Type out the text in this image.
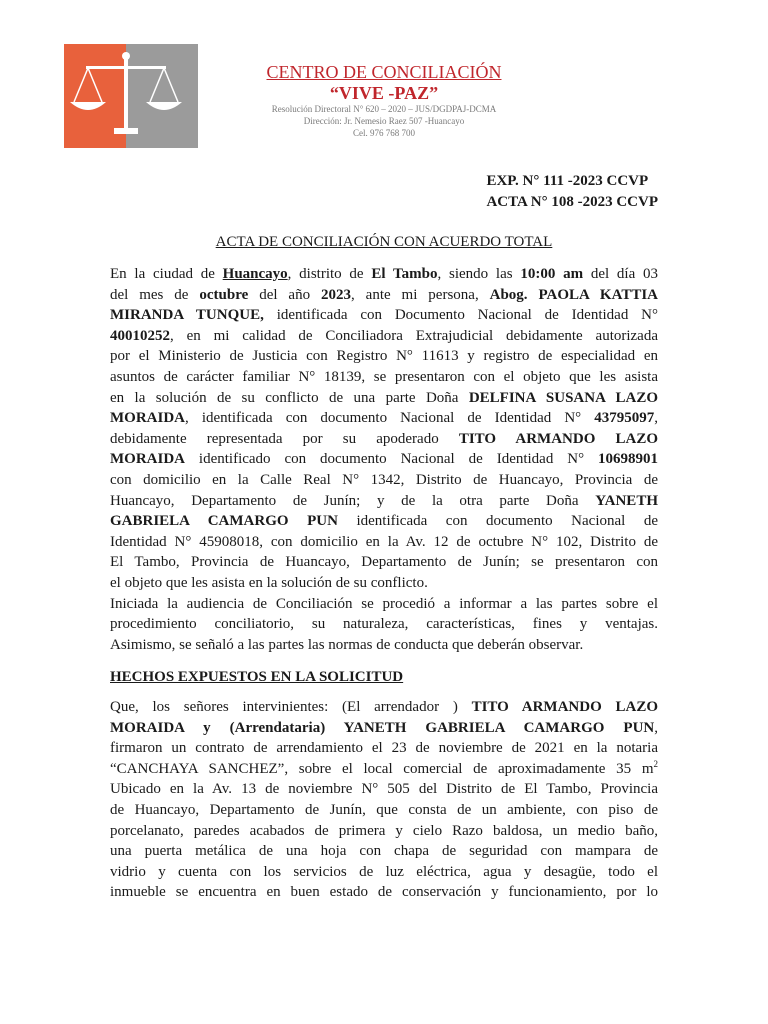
CENTRO DE CONCILIACIÓN
“VIVE -PAZ”
Resolución Directoral N° 620 – 2020 – JUS/DGDPAJ-DCMA
Dirección: Jr. Nemesio Raez 507 -Huancayo
Cel. 976 768 700
EXP. N° 111 -2023 CCVP
ACTA N° 108 -2023 CCVP
ACTA DE CONCILIACIÓN CON ACUERDO TOTAL
En la ciudad de Huancayo, distrito de El Tambo, siendo las 10:00 am del día 03
del mes de octubre del año 2023, ante mi persona, Abog. PAOLA KATTIA
MIRANDA TUNQUE, identificada con Documento Nacional de Identidad N°
40010252, en mi calidad de Conciliadora Extrajudicial debidamente autorizada
por el Ministerio de Justicia con Registro N° 11613 y registro de especialidad en
asuntos de carácter familiar N° 18139, se presentaron con el objeto que les asista
en la solución de su conflicto de una parte Doña DELFINA SUSANA LAZO
MORAIDA, identificada con documento Nacional de Identidad N° 43795097,
debidamente representada por su apoderado TITO ARMANDO LAZO
MORAIDA identificado con documento Nacional de Identidad N° 10698901
con domicilio en la Calle Real N° 1342, Distrito de Huancayo, Provincia de
Huancayo, Departamento de Junín; y de la otra parte Doña YANETH
GABRIELA CAMARGO PUN identificada con documento Nacional de
Identidad N° 45908018, con domicilio en la Av. 12 de octubre N° 102, Distrito de
El Tambo, Provincia de Huancayo, Departamento de Junín; se presentaron con
el objeto que les asista en la solución de su conflicto.
Iniciada la audiencia de Conciliación se procedió a informar a las partes sobre el
procedimiento conciliatorio, su naturaleza, características, fines y ventajas.
Asimismo, se señaló a las partes las normas de conducta que deberán observar.
HECHOS EXPUESTOS EN LA SOLICITUD
Que, los señores intervinientes: (El arrendador ) TITO ARMANDO LAZO
MORAIDA y (Arrendataria) YANETH GABRIELA CAMARGO PUN,
firmaron un contrato de arrendamiento el 23 de noviembre de 2021 en la notaria
“CANCHAYA SANCHEZ”, sobre el local comercial de aproximadamente 35 $m^2$
Ubicado en la Av. 13 de noviembre N° 505 del Distrito de El Tambo, Provincia
de Huancayo, Departamento de Junín, que consta de un ambiente, con piso de
porcelanato, paredes acabados de primera y cielo Razo baldosa, un medio baño,
una puerta metálica de una hoja con chapa de seguridad con mampara de
vidrio y cuenta con los servicios de luz eléctrica, agua y desagüe, todo el
inmueble se encuentra en buen estado de conservación y funcionamiento, por lo
